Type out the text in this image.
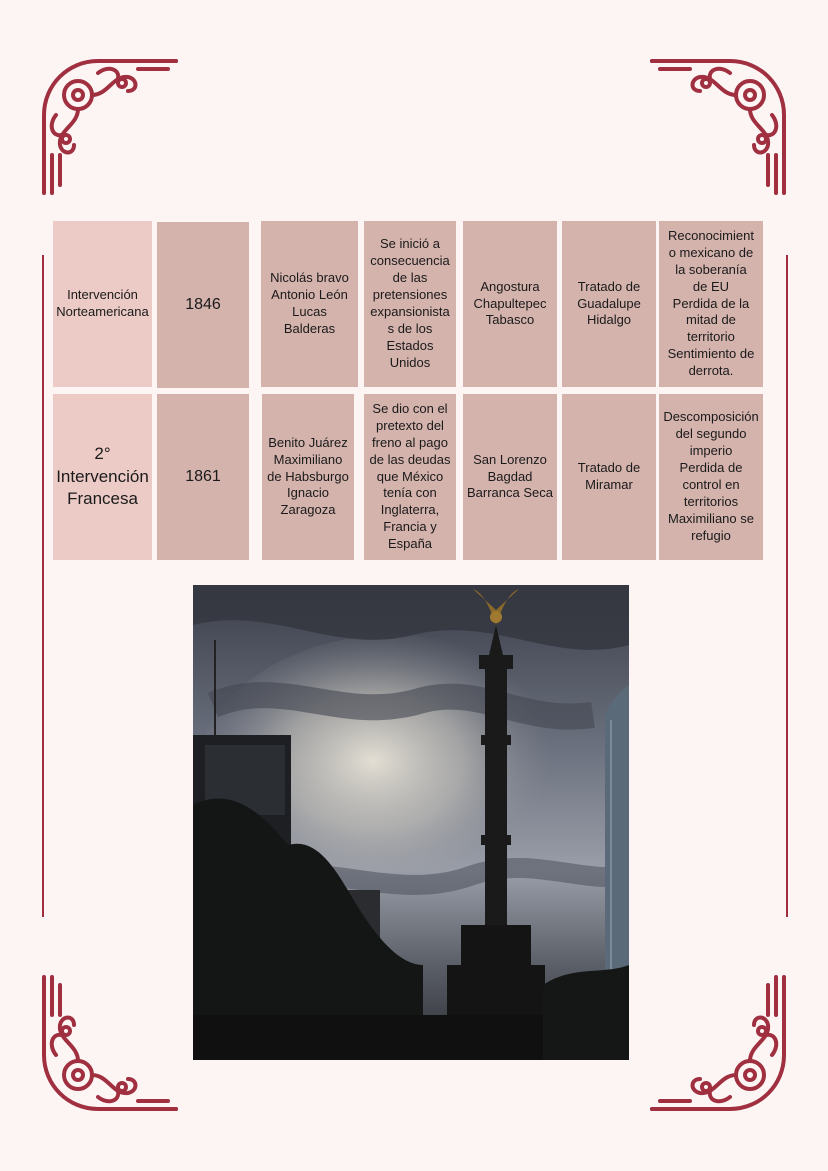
Intervención
Norteamericana 1846
Nicolás bravo
Antonio León
Lucas
Balderas
Se inició a
consecuencia
de las
pretensiones
expansionista
s de los
Estados
Unidos
Angostura
Chapultepec
Tabasco
Tratado de
Guadalupe
Hidalgo
Reconocimient
o mexicano de
la soberanía
de EU
Perdida de la
mitad de
territorio
Sentimiento de
derrota.
2°
Intervención
Francesa
1861
Benito Juárez
Maximiliano
de Habsburgo
Ignacio
Zaragoza
Se dio con el
pretexto del
freno al pago
de las deudas
que México
tenía con
Inglaterra,
Francia y
España
San Lorenzo
Bagdad
Barranca Seca
Tratado de
Miramar
Descomposición
del segundo
imperio
Perdida de
control en
territorios
Maximiliano se
refugio
